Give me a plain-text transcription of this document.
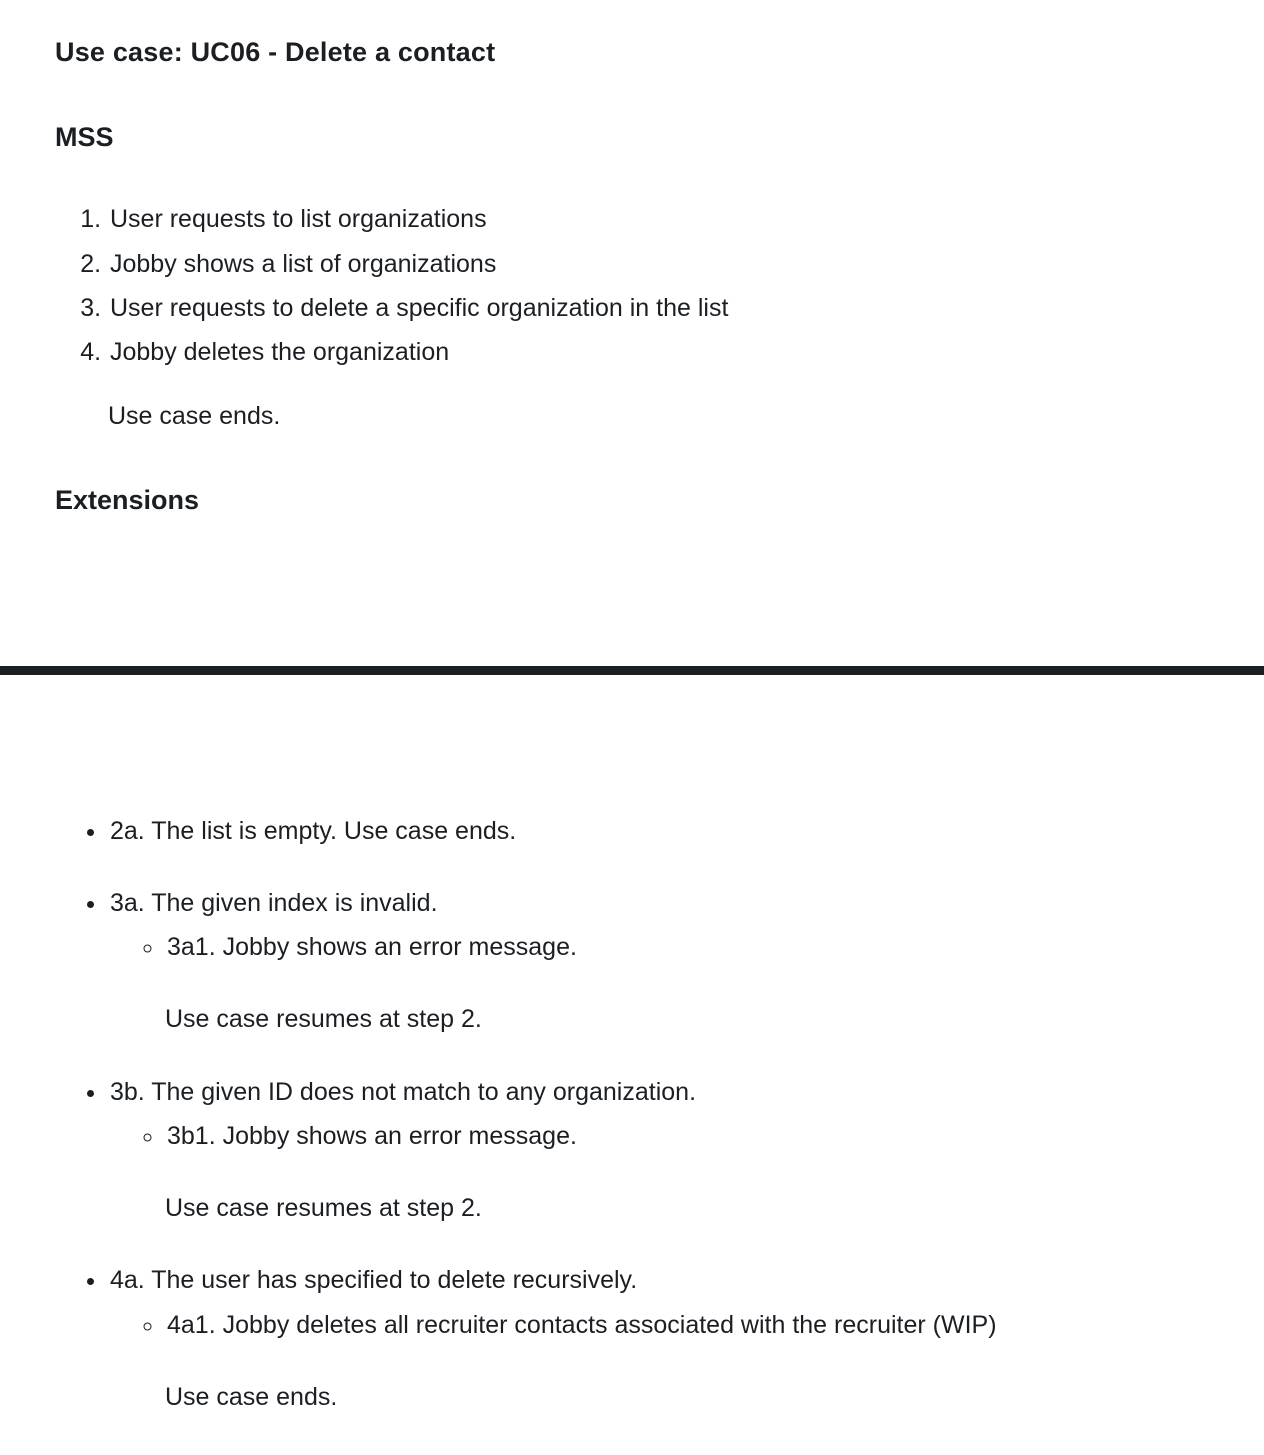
Use case: UC06 - Delete a contact
MSS
1. User requests to list organizations
2. Jobby shows a list of organizations
3. User requests to delete a specific organization in the list
4. Jobby deletes the organization

Use case ends.

Extensions
• 2a. The list is empty. Use case ends.
• 3a. The given index is invalid.
◦ 3a1. Jobby shows an error message.

Use case resumes at step 2.

• 3b. The given ID does not match to any organization.
◦ 3b1. Jobby shows an error message.

Use case resumes at step 2.

• 4a. The user has specified to delete recursively.
◦ 4a1. Jobby deletes all recruiter contacts associated with the recruiter (WIP)

Use case ends.
